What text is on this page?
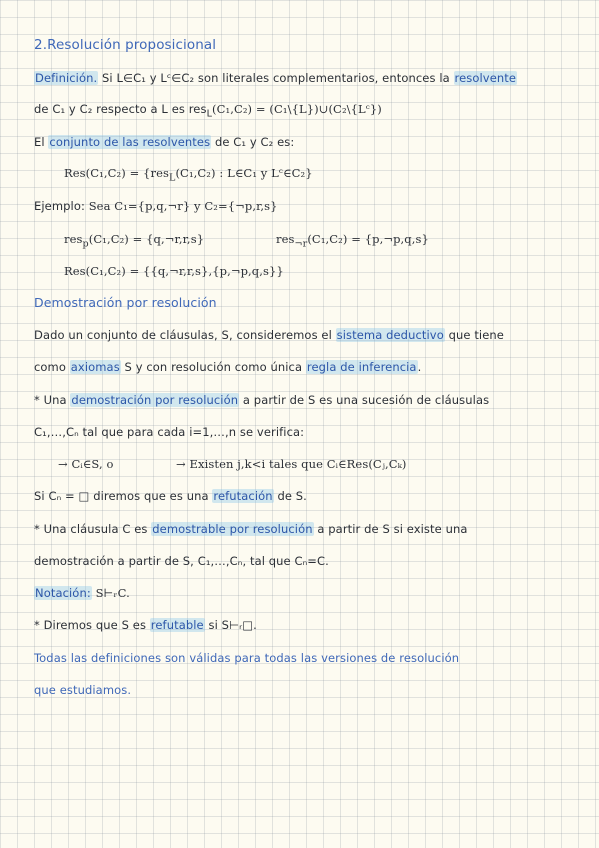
2.Resolución proposicional
Definición. Si L∈C₁ y Lᶜ∈C₂ son literales complementarios, entonces la resolvente
de C₁ y C₂ respecto a L es res$_L$(C₁,C₂) = (C₁\{L})∪(C₂\{Lᶜ})
El conjunto de las resolventes de C₁ y C₂ es:
Res(C₁,C₂) = {res$_L$(C₁,C₂) : L∈C₁ y Lᶜ∈C₂}
Ejemplo: Sea C₁={p,q,¬r} y C₂={¬p,r,s}
res$_p$(C₁,C₂) = {q,¬r,r,s}	res$_{\neg r}$(C₁,C₂) = {p,¬p,q,s}
Res(C₁,C₂) = {{q,¬r,r,s},{p,¬p,q,s}}
Demostración por resolución
Dado un conjunto de cláusulas, S, consideremos el sistema deductivo que tiene
como axiomas S y con resolución como única regla de inferencia.
* Una demostración por resolución a partir de S es una sucesión de cláusulas
C₁,…,Cₙ tal que para cada i=1,…,n se verifica:
→ Cᵢ∈S, o	→ Existen j,k<i tales que Cᵢ∈Res(Cⱼ,Cₖ)
Si Cₙ = □ diremos que es una refutación de S.
* Una cláusula C es demostrable por resolución a partir de S si existe una
demostración a partir de S, C₁,…,Cₙ, tal que Cₙ=C.
Notación: S⊢ᵣC.
* Diremos que S es refutable si S⊢ᵣ□.
Todas las definiciones son válidas para todas las versiones de resolución
que estudiamos.
